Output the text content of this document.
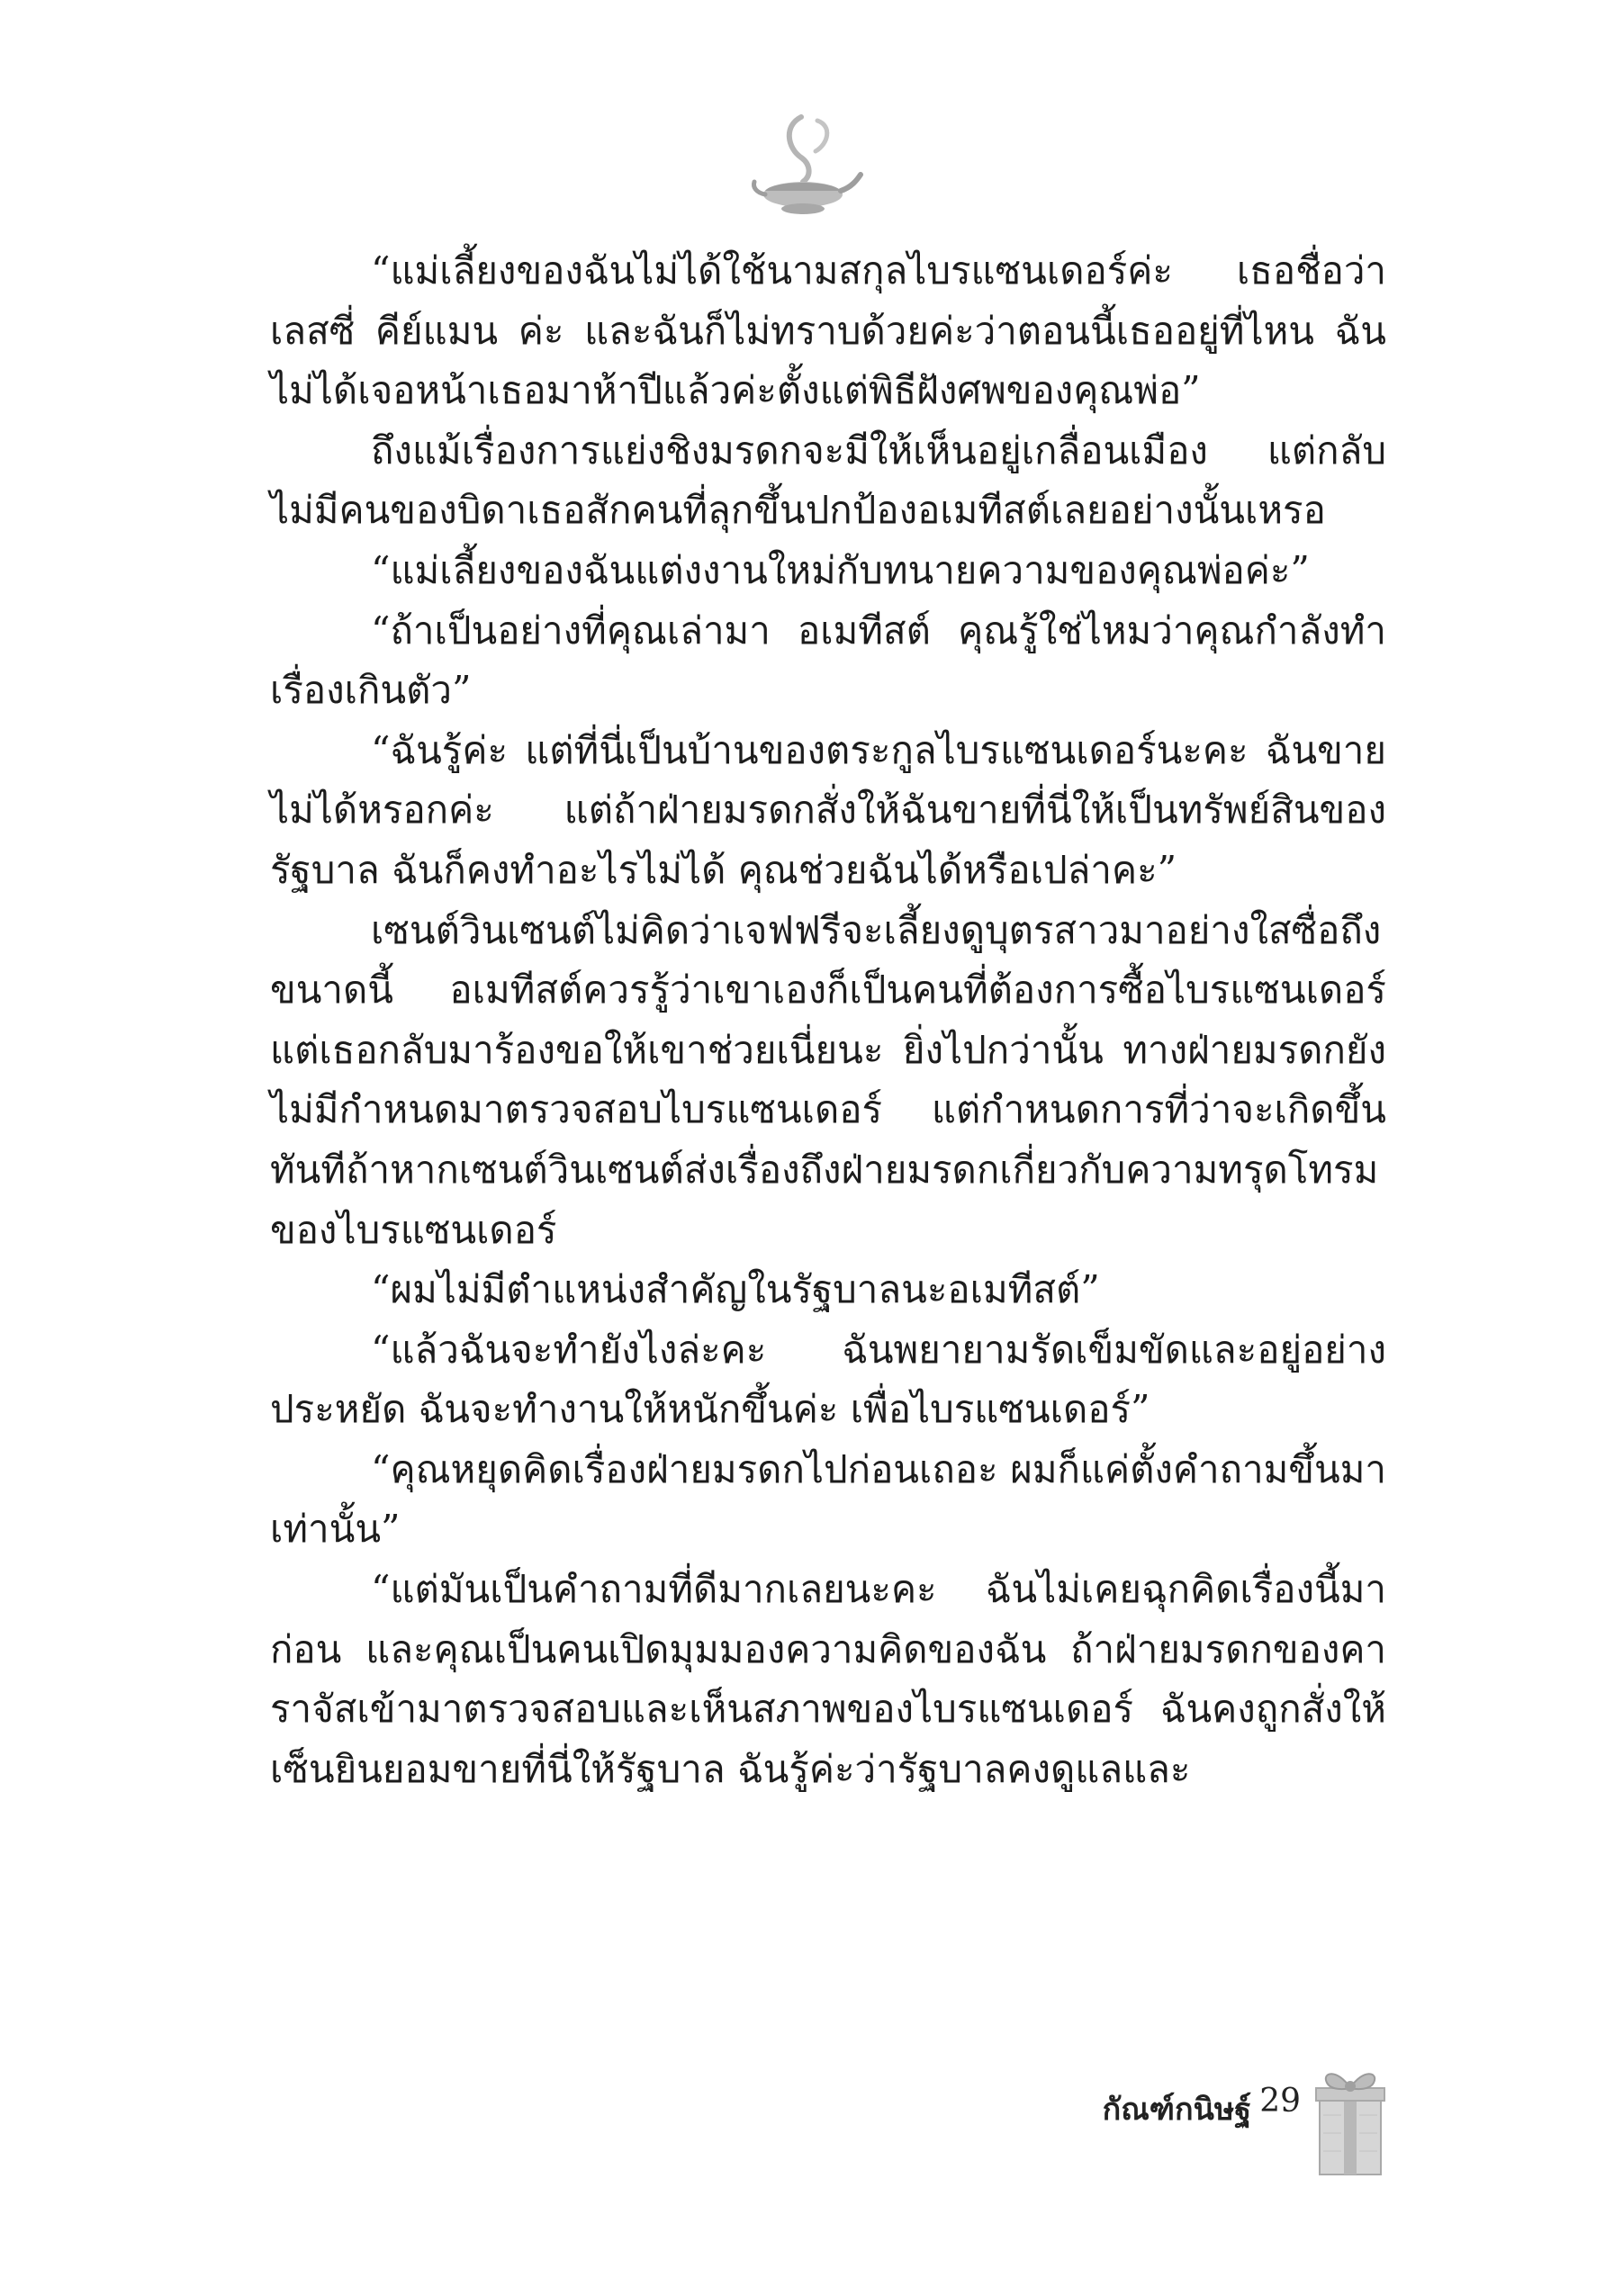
“แม่เลี้ยงของฉันไม่ได้ใช้นามสกุลไบรแซนเดอร์ค่ะ เธอชื่อว่า เลสซี่ คีย์แมน ค่ะ และฉันก็ไม่ทราบด้วยค่ะว่าตอนนี้เธออยู่ที่ไหน ฉันไม่ได้เจอหน้าเธอมาห้าปีแล้วค่ะตั้งแต่พิธีฝังศพของคุณพ่อ”

ถึงแม้เรื่องการแย่งชิงมรดกจะมีให้เห็นอยู่เกลื่อนเมือง แต่กลับไม่มีคนของบิดาเธอสักคนที่ลุกขึ้นปกป้องอเมทีสต์เลยอย่างนั้นเหรอ

“แม่เลี้ยงของฉันแต่งงานใหม่กับทนายความของคุณพ่อค่ะ”

“ถ้าเป็นอย่างที่คุณเล่ามา อเมทีสต์ คุณรู้ใช่ไหมว่าคุณกำลังทำเรื่องเกินตัว”

“ฉันรู้ค่ะ แต่ที่นี่เป็นบ้านของตระกูลไบรแซนเดอร์นะคะ ฉันขายไม่ได้หรอกค่ะ แต่ถ้าฝ่ายมรดกสั่งให้ฉันขายที่นี่ให้เป็นทรัพย์สินของรัฐบาล ฉันก็คงทำอะไรไม่ได้ คุณช่วยฉันได้หรือเปล่าคะ”

เซนต์วินเซนต์ไม่คิดว่าเจฟฟรีจะเลี้ยงดูบุตรสาวมาอย่างใสซื่อถึงขนาดนี้ อเมทีสต์ควรรู้ว่าเขาเองก็เป็นคนที่ต้องการซื้อไบรแซนเดอร์ แต่เธอกลับมาร้องขอให้เขาช่วยเนี่ยนะ ยิ่งไปกว่านั้น ทางฝ่ายมรดกยังไม่มีกำหนดมาตรวจสอบไบรแซนเดอร์ แต่กำหนดการที่ว่าจะเกิดขึ้นทันทีถ้าหากเซนต์วินเซนต์ส่งเรื่องถึงฝ่ายมรดกเกี่ยวกับความทรุดโทรมของไบรแซนเดอร์

“ผมไม่มีตำแหน่งสำคัญในรัฐบาลนะอเมทีสต์”

“แล้วฉันจะทำยังไงล่ะคะ ฉันพยายามรัดเข็มขัดและอยู่อย่างประหยัด ฉันจะทำงานให้หนักขึ้นค่ะ เพื่อไบรแซนเดอร์”

“คุณหยุดคิดเรื่องฝ่ายมรดกไปก่อนเถอะ ผมก็แค่ตั้งคำถามขึ้นมาเท่านั้น”

“แต่มันเป็นคำถามที่ดีมากเลยนะคะ ฉันไม่เคยฉุกคิดเรื่องนี้มาก่อน และคุณเป็นคนเปิดมุมมองความคิดของฉัน ถ้าฝ่ายมรดกของคาราจัสเข้ามาตรวจสอบและเห็นสภาพของไบรแซนเดอร์ ฉันคงถูกสั่งให้เซ็นยินยอมขายที่นี่ให้รัฐบาล ฉันรู้ค่ะว่ารัฐบาลคงดูแลและ

กัณฑ์กนิษฐ์ 29
